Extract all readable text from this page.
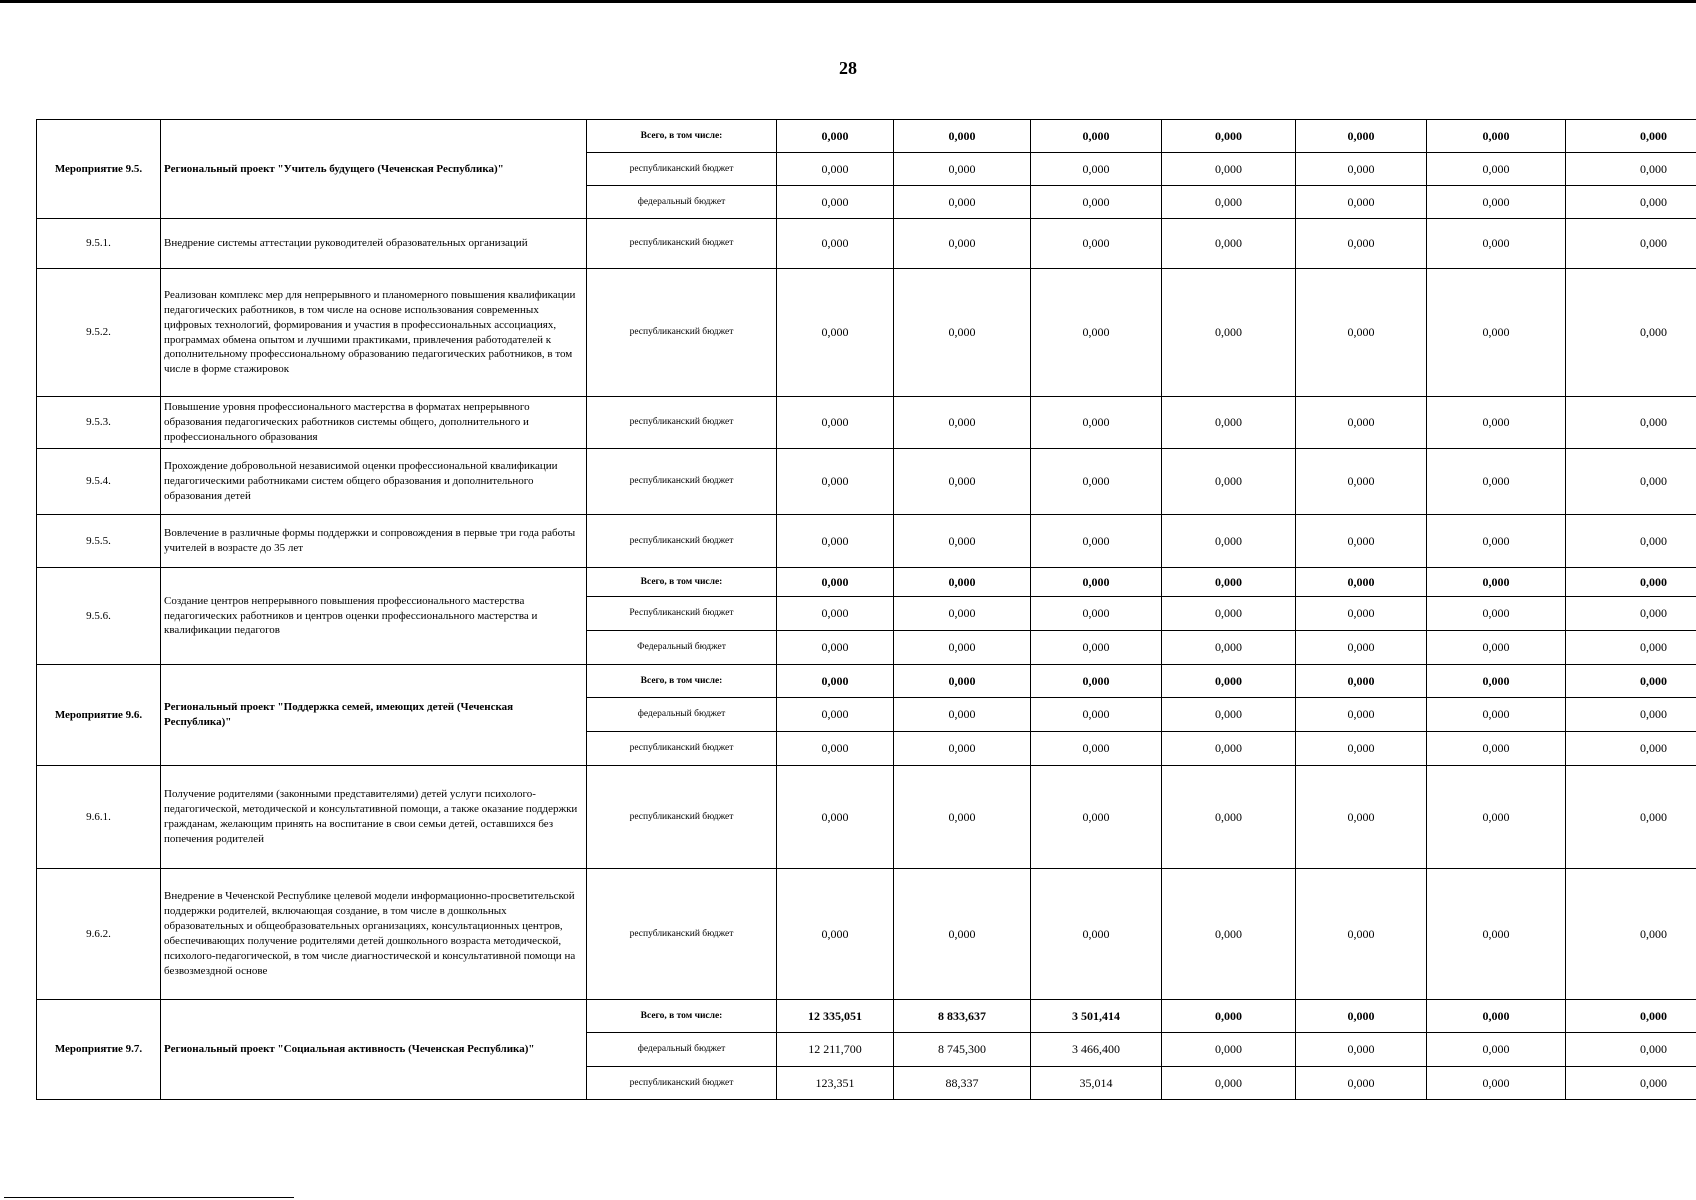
28
Мероприятие 9.5.	Региональный проект "Учитель будущего (Чеченская Республика)"	Всего, в том числе:	0,000	0,000	0,000	0,000	0,000	0,000	0,000
		республиканский бюджет	0,000	0,000	0,000	0,000	0,000	0,000	0,000
		федеральный бюджет	0,000	0,000	0,000	0,000	0,000	0,000	0,000
9.5.1.	Внедрение системы аттестации руководителей образовательных организаций	республиканский бюджет	0,000	0,000	0,000	0,000	0,000	0,000	0,000
9.5.2.	Реализован комплекс мер для непрерывного и планомерного повышения квалификации педагогических работников, в том числе на основе использования современных цифровых технологий, формирования и участия в профессиональных ассоциациях, программах обмена опытом и лучшими практиками, привлечения работодателей к дополнительному профессиональному образованию педагогических работников, в том числе в форме стажировок	республиканский бюджет	0,000	0,000	0,000	0,000	0,000	0,000	0,000
9.5.3.	Повышение уровня профессионального мастерства в форматах непрерывного образования педагогических работников системы общего, дополнительного и профессионального образования	республиканский бюджет	0,000	0,000	0,000	0,000	0,000	0,000	0,000
9.5.4.	Прохождение добровольной независимой оценки профессиональной квалификации педагогическими работниками систем общего образования и дополнительного образования детей	республиканский бюджет	0,000	0,000	0,000	0,000	0,000	0,000	0,000
9.5.5.	Вовлечение в различные формы поддержки и сопровождения в первые три года работы учителей в возрасте до 35 лет	республиканский бюджет	0,000	0,000	0,000	0,000	0,000	0,000	0,000
9.5.6.	Создание центров непрерывного повышения профессионального мастерства педагогических работников и центров оценки профессионального мастерства и квалификации педагогов	Всего, в том числе:	0,000	0,000	0,000	0,000	0,000	0,000	0,000
		Республиканский бюджет	0,000	0,000	0,000	0,000	0,000	0,000	0,000
		Федеральный бюджет	0,000	0,000	0,000	0,000	0,000	0,000	0,000
Мероприятие 9.6.	Региональный проект "Поддержка семей, имеющих детей (Чеченская Республика)"	Всего, в том числе:	0,000	0,000	0,000	0,000	0,000	0,000	0,000
		федеральный бюджет	0,000	0,000	0,000	0,000	0,000	0,000	0,000
		республиканский бюджет	0,000	0,000	0,000	0,000	0,000	0,000	0,000
9.6.1.	Получение родителями (законными представителями) детей услуги психолого-педагогической, методической и консультативной помощи, а также оказание поддержки гражданам, желающим принять на воспитание в свои семьи детей, оставшихся без попечения родителей	республиканский бюджет	0,000	0,000	0,000	0,000	0,000	0,000	0,000
9.6.2.	Внедрение в Чеченской Республике целевой модели информационно-просветительской поддержки родителей, включающая создание, в том числе в дошкольных образовательных и общеобразовательных организациях, консультационных центров, обеспечивающих получение родителями детей дошкольного возраста методической, психолого-педагогической, в том числе диагностической и консультативной помощи на безвозмездной основе	республиканский бюджет	0,000	0,000	0,000	0,000	0,000	0,000	0,000
Мероприятие 9.7.	Региональный проект "Социальная активность (Чеченская Республика)"	Всего, в том числе:	12 335,051	8 833,637	3 501,414	0,000	0,000	0,000	0,000
		федеральный бюджет	12 211,700	8 745,300	3 466,400	0,000	0,000	0,000	0,000
		республиканский бюджет	123,351	88,337	35,014	0,000	0,000	0,000	0,000
